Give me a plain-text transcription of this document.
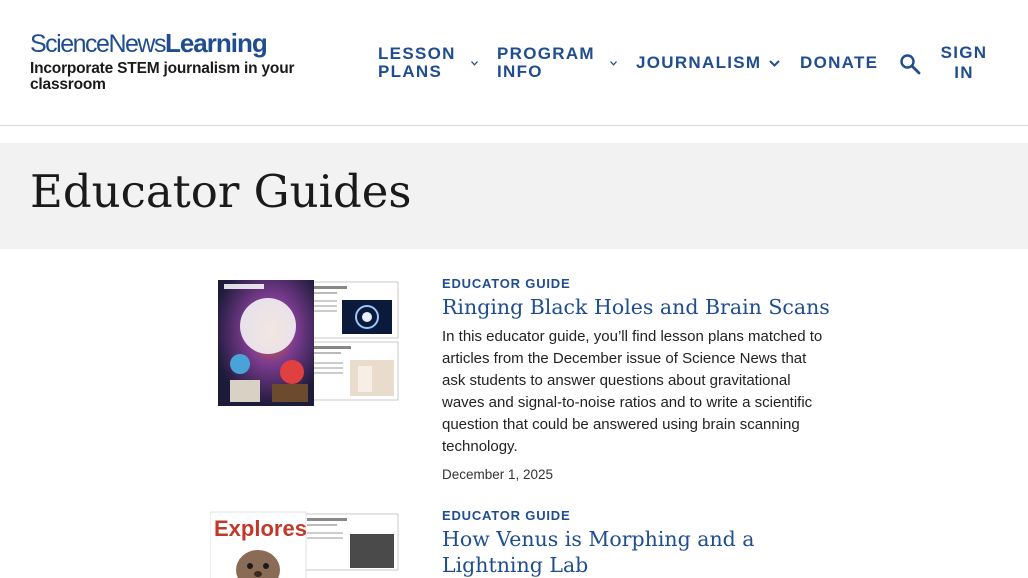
ScienceNews Learning
Incorporate STEM journalism in your classroom
LESSON PLANS
PROGRAM INFO	JOURNALISM DONATE
SIGN IN
Educator Guides
EDUCATOR GUIDE
Ringing Black Holes and Brain Scans

In this educator guide, you’ll find lesson plans matched to articles from the December issue of Science News that ask students to answer questions about gravitational waves and signal-to-noise ratios and to write a scientific question that could be answered using brain scanning technology.

December 1, 2025
Explores
EDUCATOR GUIDE
How Venus is Morphing and a Lightning Lab
